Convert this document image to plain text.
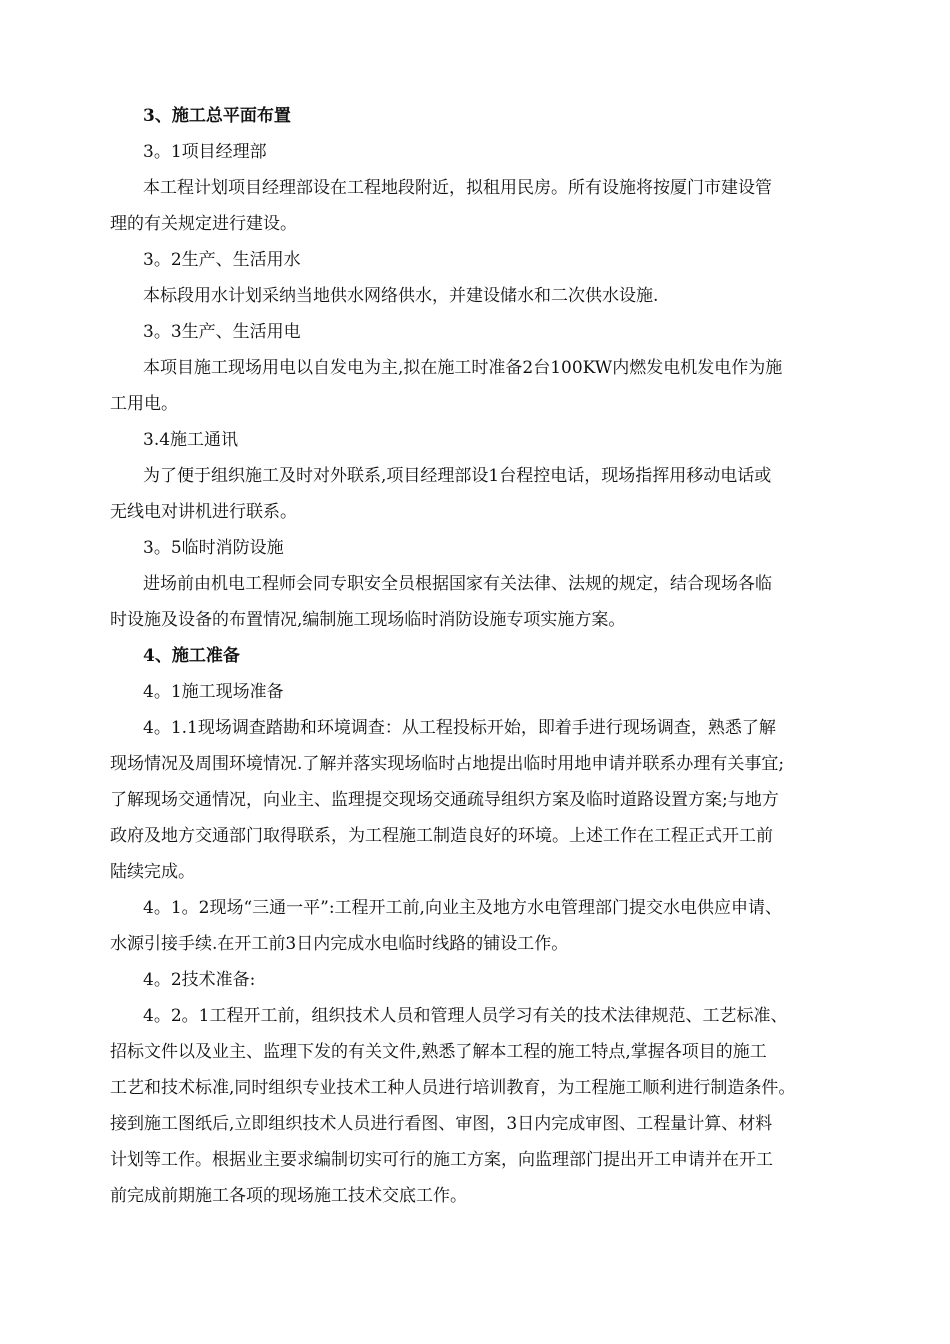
3、施工总平面布置
3。1项目经理部
本工程计划项目经理部设在工程地段附近，拟租用民房。所有设施将按厦门市建设管
理的有关规定进行建设。
3。2生产、生活用水
本标段用水计划采纳当地供水网络供水，并建设储水和二次供水设施.
3。3生产、生活用电
本项目施工现场用电以自发电为主,拟在施工时准备2台100KW内燃发电机发电作为施
工用电。
3.4施工通讯
为了便于组织施工及时对外联系,项目经理部设1台程控电话，现场指挥用移动电话或
无线电对讲机进行联系。
3。5临时消防设施
进场前由机电工程师会同专职安全员根据国家有关法律、法规的规定，结合现场各临
时设施及设备的布置情况,编制施工现场临时消防设施专项实施方案。
4、施工准备
4。1施工现场准备
4。1.1现场调查踏勘和环境调查：从工程投标开始，即着手进行现场调查，熟悉了解
现场情况及周围环境情况.了解并落实现场临时占地提出临时用地申请并联系办理有关事宜;
了解现场交通情况，向业主、监理提交现场交通疏导组织方案及临时道路设置方案;与地方
政府及地方交通部门取得联系，为工程施工制造良好的环境。上述工作在工程正式开工前
陆续完成。
4。1。2现场“三通一平”:工程开工前,向业主及地方水电管理部门提交水电供应申请、
水源引接手续.在开工前3日内完成水电临时线路的铺设工作。
4。2技术准备:
4。2。1工程开工前，组织技术人员和管理人员学习有关的技术法律规范、工艺标准、
招标文件以及业主、监理下发的有关文件,熟悉了解本工程的施工特点,掌握各项目的施工
工艺和技术标准,同时组织专业技术工种人员进行培训教育，为工程施工顺利进行制造条件。
接到施工图纸后,立即组织技术人员进行看图、审图，3日内完成审图、工程量计算、材料
计划等工作。根据业主要求编制切实可行的施工方案，向监理部门提出开工申请并在开工
前完成前期施工各项的现场施工技术交底工作。
